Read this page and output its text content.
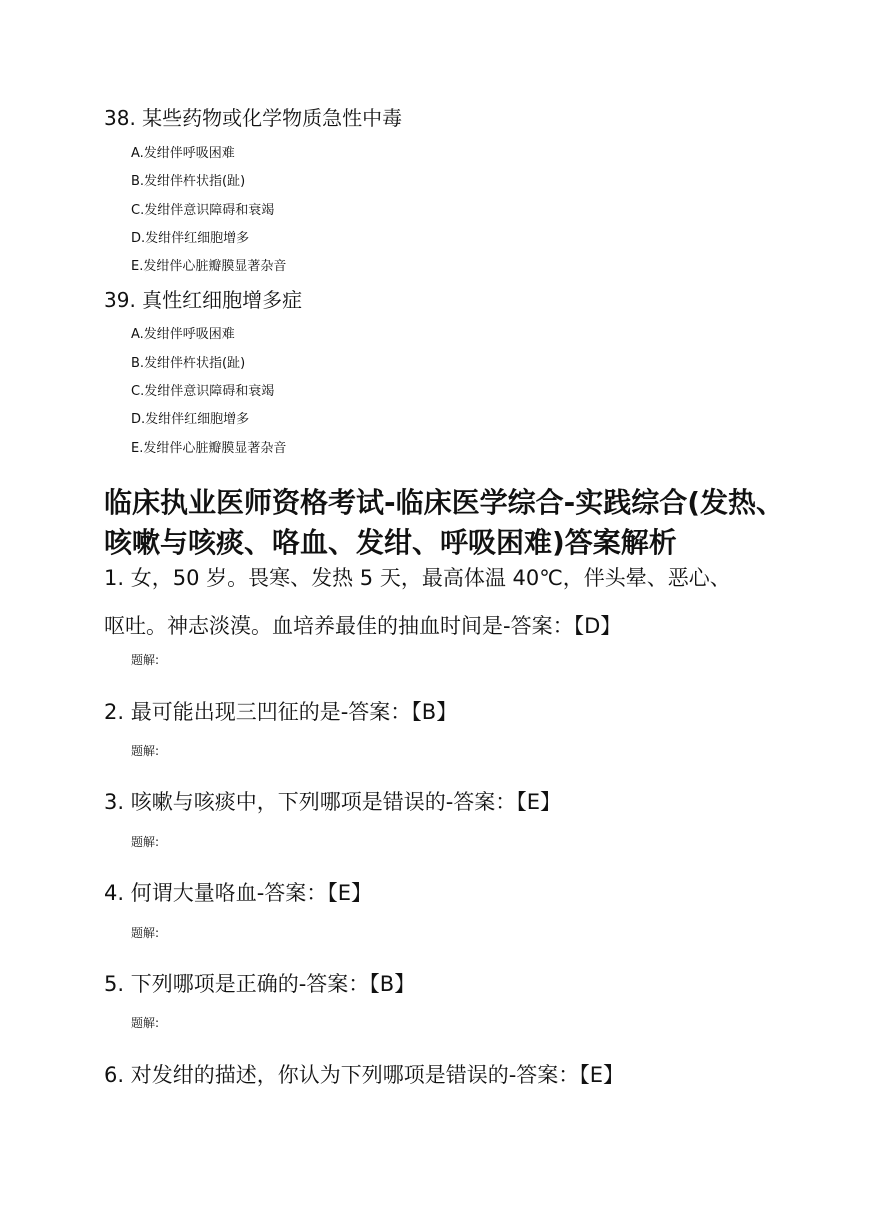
38. 某些药物或化学物质急性中毒
A.发绀伴呼吸困难
B.发绀伴杵状指(趾)
C.发绀伴意识障碍和衰竭
D.发绀伴红细胞增多
E.发绀伴心脏瓣膜显著杂音
39. 真性红细胞增多症
A.发绀伴呼吸困难
B.发绀伴杵状指(趾)
C.发绀伴意识障碍和衰竭
D.发绀伴红细胞增多
E.发绀伴心脏瓣膜显著杂音
临床执业医师资格考试-临床医学综合-实践综合(发热、咳嗽与咳痰、咯血、发绀、呼吸困难)答案解析
1. 女，50 岁。畏寒、发热 5 天，最高体温 40℃，伴头晕、恶心、呕吐。神志淡漠。血培养最佳的抽血时间是-答案：【D】
题解:
2. 最可能出现三凹征的是-答案：【B】
题解:
3. 咳嗽与咳痰中，下列哪项是错误的-答案：【E】
题解:
4. 何谓大量咯血-答案：【E】
题解:
5. 下列哪项是正确的-答案：【B】
题解:
6. 对发绀的描述，你认为下列哪项是错误的-答案：【E】
